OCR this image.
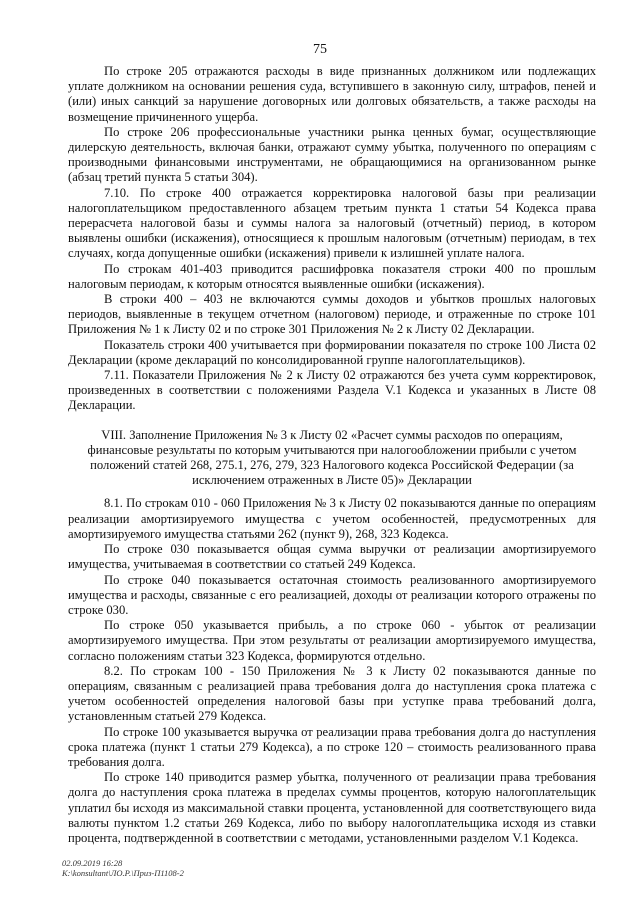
75

По строке 205 отражаются расходы в виде признанных должником или подлежащих уплате должником на основании решения суда, вступившего в законную силу, штрафов, пеней и (или) иных санкций за нарушение договорных или долговых обязательств, а также расходы на возмещение причиненного ущерба.

По строке 206 профессиональные участники рынка ценных бумаг, осуществляющие дилерскую деятельность, включая банки, отражают сумму убытка, полученного по операциям с производными финансовыми инструментами, не обращающимися на организованном рынке (абзац третий пункта 5 статьи 304).

7.10. По строке 400 отражается корректировка налоговой базы при реализации налогоплательщиком предоставленного абзацем третьим пункта 1 статьи 54 Кодекса права перерасчета налоговой базы и суммы налога за налоговый (отчетный) период, в котором выявлены ошибки (искажения), относящиеся к прошлым налоговым (отчетным) периодам, в тех случаях, когда допущенные ошибки (искажения) привели к излишней уплате налога.

По строкам 401-403 приводится расшифровка показателя строки 400 по прошлым налоговым периодам, к которым относятся выявленные ошибки (искажения).

В строки 400 – 403 не включаются суммы доходов и убытков прошлых налоговых периодов, выявленные в текущем отчетном (налоговом) периоде, и отраженные по строке 101 Приложения № 1 к Листу 02 и по строке 301 Приложения № 2 к Листу 02 Декларации.

Показатель строки 400 учитывается при формировании показателя по строке 100 Листа 02 Декларации (кроме деклараций по консолидированной группе налогоплательщиков).

7.11. Показатели Приложения № 2 к Листу 02 отражаются без учета сумм корректировок, произведенных в соответствии с положениями Раздела V.1 Кодекса и указанных в Листе 08 Декларации.

VIII. Заполнение Приложения № 3 к Листу 02 «Расчет суммы расходов по операциям, финансовые результаты по которым учитываются при налогообложении прибыли с учетом положений статей 268, 275.1, 276, 279, 323 Налогового кодекса Российской Федерации (за исключением отраженных в Листе 05)» Декларации

8.1. По строкам 010 - 060 Приложения № 3 к Листу 02 показываются данные по операциям реализации амортизируемого имущества с учетом особенностей, предусмотренных для амортизируемого имущества статьями 262 (пункт 9), 268, 323 Кодекса.

По строке 030 показывается общая сумма выручки от реализации амортизируемого имущества, учитываемая в соответствии со статьей 249 Кодекса.

По строке 040 показывается остаточная стоимость реализованного амортизируемого имущества и расходы, связанные с его реализацией, доходы от реализации которого отражены по строке 030.

По строке 050 указывается прибыль, а по строке 060 - убыток от реализации амортизируемого имущества. При этом результаты от реализации амортизируемого имущества, согласно положениям статьи 323 Кодекса, формируются отдельно.

8.2. По строкам 100 - 150 Приложения № 3 к Листу 02 показываются данные по операциям, связанным с реализацией права требования долга до наступления срока платежа с учетом особенностей определения налоговой базы при уступке права требований долга, установленным статьей 279 Кодекса.

По строке 100 указывается выручка от реализации права требования долга до наступления срока платежа (пункт 1 статьи 279 Кодекса), а по строке 120 – стоимость реализованного права требования долга.

По строке 140 приводится размер убытка, полученного от реализации права требования долга до наступления срока платежа в пределах суммы процентов, которую налогоплательщик уплатил бы исходя из максимальной ставки процента, установленной для соответствующего вида валюты пунктом 1.2 статьи 269 Кодекса, либо по выбору налогоплательщика исходя из ставки процента, подтвержденной в соответствии с методами, установленными разделом V.1 Кодекса.

02.09.2019 16:28
К:\konsultant\ЛО.Р.\Приз-П1108-2
